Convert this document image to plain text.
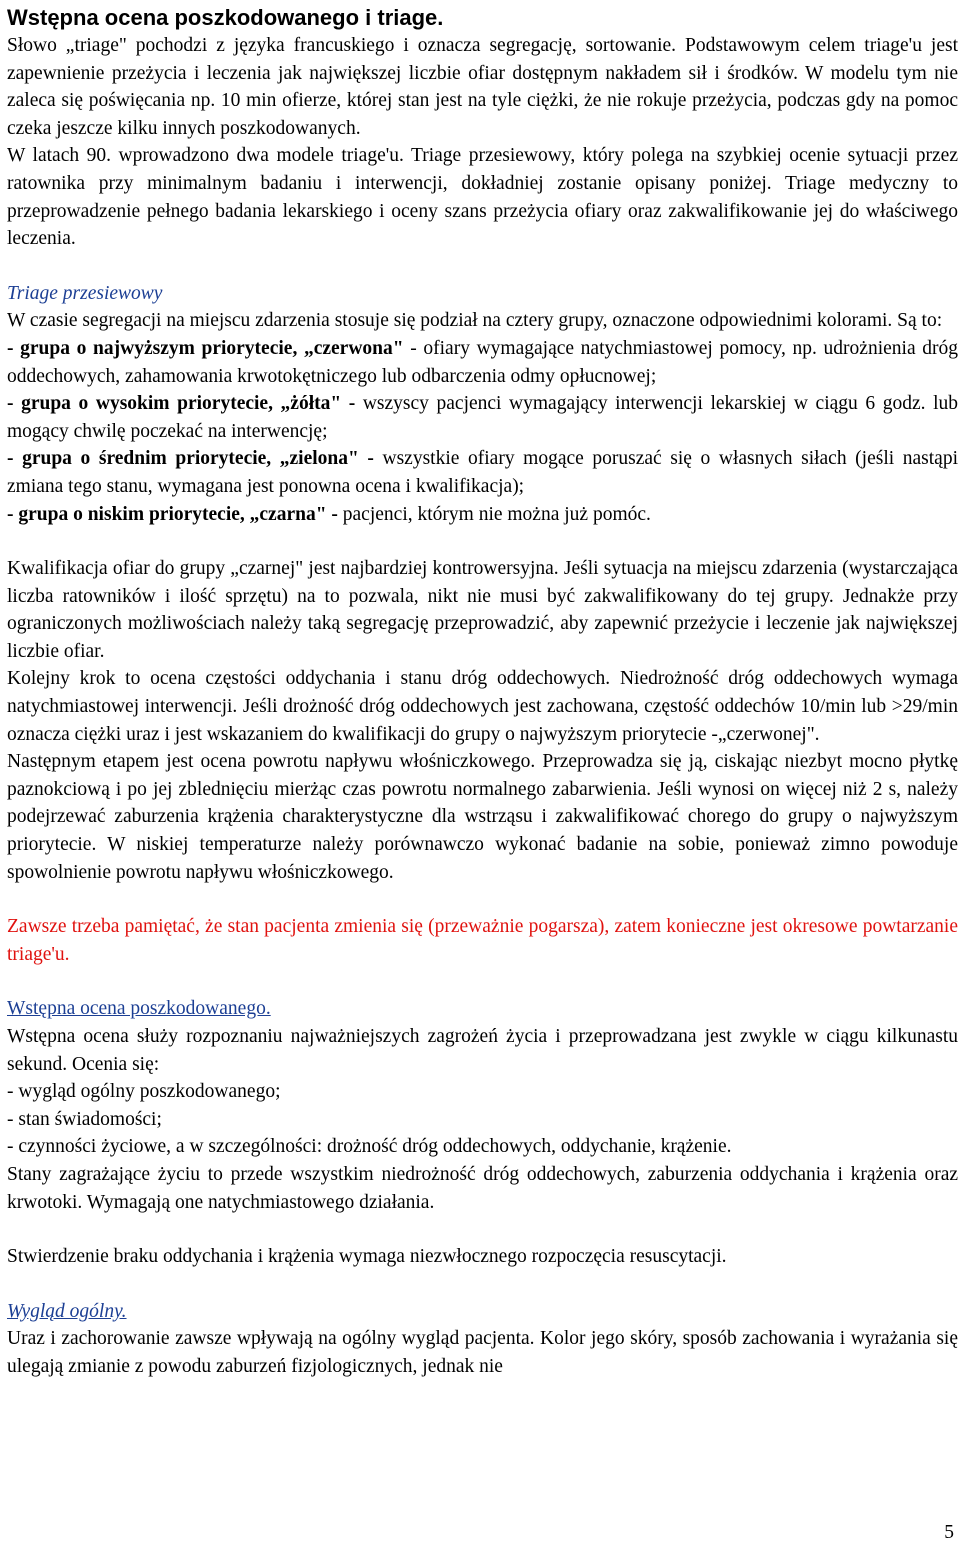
Wstępna ocena poszkodowanego i triage.

Słowo „triage" pochodzi z języka francuskiego i oznacza segregację, sortowanie. Podstawowym celem triage'u jest zapewnienie przeżycia i leczenia jak największej liczbie ofiar dostępnym nakładem sił i środków. W modelu tym nie zaleca się poświęcania np. 10 min ofierze, której stan jest na tyle ciężki, że nie rokuje przeżycia, podczas gdy na pomoc czeka jeszcze kilku innych poszkodowanych.

W latach 90. wprowadzono dwa modele triage'u. Triage przesiewowy, który polega na szybkiej ocenie sytuacji przez ratownika przy minimalnym badaniu i interwencji, dokładniej zostanie opisany poniżej. Triage medyczny to przeprowadzenie pełnego badania lekarskiego i oceny szans przeżycia ofiary oraz zakwalifikowanie jej do właściwego leczenia.

Triage przesiewowy

W czasie segregacji na miejscu zdarzenia stosuje się podział na cztery grupy, oznaczone odpowiednimi kolorami. Są to:

- grupa o najwyższym priorytecie, „czerwona" - ofiary wymagające natychmiastowej pomocy, np. udrożnienia dróg oddechowych, zahamowania krwotokętniczego lub odbarczenia odmy opłucnowej;

- grupa o wysokim priorytecie, „żółta" - wszyscy pacjenci wymagający interwencji lekarskiej w ciągu 6 godz. lub mogący chwilę poczekać na interwencję;

- grupa o średnim priorytecie, „zielona" - wszystkie ofiary mogące poruszać się o własnych siłach (jeśli nastąpi zmiana tego stanu, wymagana jest ponowna ocena i kwalifikacja);

- grupa o niskim priorytecie, „czarna" - pacjenci, którym nie można już pomóc.

Kwalifikacja ofiar do grupy „czarnej" jest najbardziej kontrowersyjna. Jeśli sytuacja na miejscu zdarzenia (wystarczająca liczba ratowników i ilość sprzętu) na to pozwala, nikt nie musi być zakwalifikowany do tej grupy. Jednakże przy ograniczonych możliwościach należy taką segregację przeprowadzić, aby zapewnić przeżycie i leczenie jak największej liczbie ofiar.

Kolejny krok to ocena częstości oddychania i stanu dróg oddechowych. Niedrożność dróg oddechowych wymaga natychmiastowej interwencji. Jeśli drożność dróg oddechowych jest zachowana, częstość oddechów 10/min lub >29/min oznacza ciężki uraz i jest wskazaniem do kwalifikacji do grupy o najwyższym priorytecie -„czerwonej".

Następnym etapem jest ocena powrotu napływu włośniczkowego. Przeprowadza się ją, ciskając niezbyt mocno płytkę paznokciową i po jej zblednięciu mierżąc czas powrotu normalnego zabarwienia. Jeśli wynosi on więcej niż 2 s, należy podejrzewać zaburzenia krążenia charakterystyczne dla wstrząsu i zakwalifikować chorego do grupy o najwyższym priorytecie. W niskiej temperaturze należy porównawczo wykonać badanie na sobie, ponieważ zimno powoduje spowolnienie powrotu napływu włośniczkowego.

Zawsze trzeba pamiętać, że stan pacjenta zmienia się (przeważnie pogarsza), zatem konieczne jest okresowe powtarzanie triage'u.

Wstępna ocena poszkodowanego.

Wstępna ocena służy rozpoznaniu najważniejszych zagrożeń życia i przeprowadzana jest zwykle w ciągu kilkunastu sekund. Ocenia się:

- wygląd ogólny poszkodowanego;

- stan świadomości;

- czynności życiowe, a w szczególności: drożność dróg oddechowych, oddychanie, krążenie.

Stany zagrażające życiu to przede wszystkim niedrożność dróg oddechowych, zaburzenia oddychania i krążenia oraz krwotoki. Wymagają one natychmiastowego działania.

Stwierdzenie braku oddychania i krążenia wymaga niezwłocznego rozpoczęcia resuscytacji.

Wygląd ogólny.

Uraz i zachorowanie zawsze wpływają na ogólny wygląd pacjenta. Kolor jego skóry, sposób zachowania i wyrażania się ulegają zmianie z powodu zaburzeń fizjologicznych, jednak nie

5
